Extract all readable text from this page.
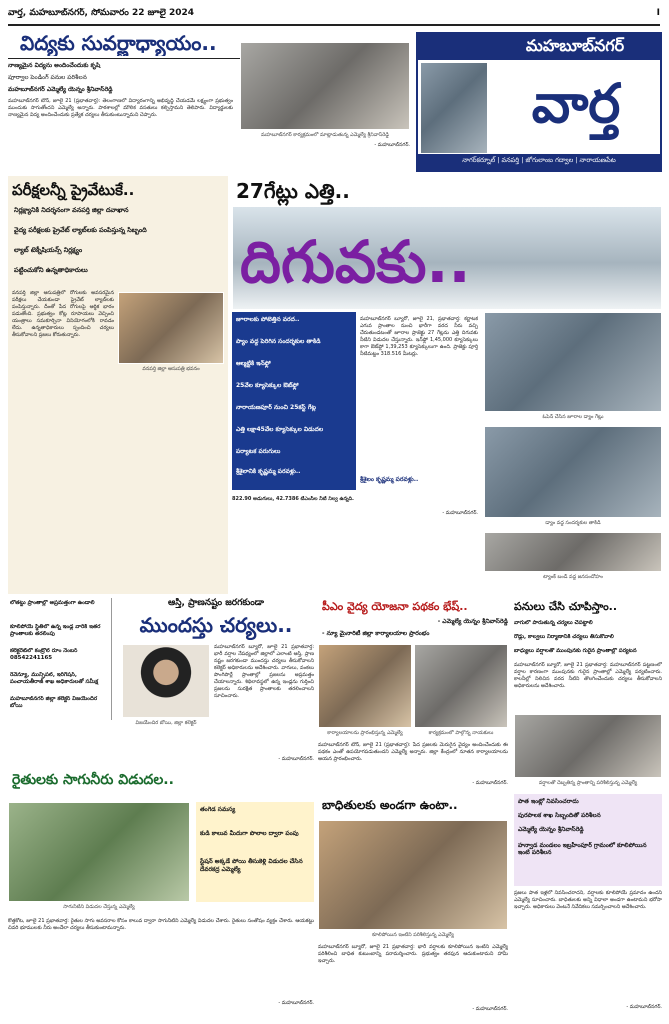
వార్త, మహబూబ్‌నగర్, సోమవారం 22 జూలై 2024	I
విద్యకు సువర్ణాధ్యాయం..
నాణ్యమైన విద్యను అందించేందుకు కృషి
పూర్వాల పెండింగ్ పనుల పరిశీలన
మహబూబ్‌నగర్ ఎమ్మెల్యే యెన్నం శ్రీనివాస్‌రెడ్డి
మహబూబ్‌నగర్ టౌన్, జూలై 21 (ప్రభాతవార్త): తెలంగాణలో విద్యారంగాన్ని అభివృద్ధి చేయడమే లక్ష్యంగా ప్రభుత్వం ముందుకు సాగుతోందని ఎమ్మెల్యే అన్నారు. పాఠశాలల్లో మౌలిక వసతులు కల్పిస్తామని తెలిపారు. విద్యార్థులకు నాణ్యమైన విద్య అందించేందుకు ప్రత్యేక చర్యలు తీసుకుంటున్నామని చెప్పారు.
మహబూబ్‌నగర్ కార్యక్రమంలో మాట్లాడుతున్న ఎమ్మెల్యే శ్రీనివాస్‌రెడ్డి
- మహబూబ్‌నగర్.
మహబూబ్‌నగర్
వార్త
నాగర్‌కర్నూల్ | వనపర్తి | జోగులాంబ గద్వాల | నారాయణపేట
పరీక్షలన్నీ ప్రైవేటుకే..
నిర్లక్ష్యానికి నిదర్శనంగా వనపర్తి జిల్లా దవాఖాన
వైద్య పరీక్షలకు ప్రైవేట్ ల్యాబ్‌లకు పంపిస్తున్న సిబ్బంది
ల్యాబ్ టెక్నీషియన్స్ నిర్లక్ష్యం
పట్టించుకోని ఉన్నతాధికారులు
వనపర్తి జిల్లా ఆసుపత్రి భవనం
వనపర్తి జిల్లా ఆసుపత్రిలో రోగులకు అవసరమైన పరీక్షలు చేయకుండా ప్రైవేట్ ల్యాబ్‌లకు పంపిస్తున్నారు. దీంతో పేద రోగులపై ఆర్థిక భారం పడుతోంది. ప్రభుత్వం కోట్ల రూపాయలు వెచ్చించి యంత్రాలు సమకూర్చినా వినియోగంలోకి రావడం లేదు. ఉన్నతాధికారులు స్పందించి చర్యలు తీసుకోవాలని ప్రజలు కోరుతున్నారు.
27గేట్లు ఎత్తి..
దిగువకు..
జూరాలకు పోటెత్తిన వరద..
ప్యాం వద్ద పెరిగిన సందర్శకుల తాకిడి
ఆల్మట్టికి ఇన్‌ఫ్లో
25వేల క్యూసెక్కుల ఔట్‌ఫ్లో
నారాయణపూర్ నుంచి 25కస్ట్ గేట్ల
ఎత్తి లక్షా45వేల క్యూసెక్కుల విడుదల
పర్యాటక పరుగులు
శ్రీశైలానికి కృష్ణమ్మ పరవళ్లు..
మహబూబ్‌నగర్ బ్యూరో, జూలై 21, ప్రభాతవార్త: కర్ణాటక ఎగువ ప్రాంతాల నుంచి భారీగా వరద నీరు వచ్చి చేరుతుండటంతో జూరాల ప్రాజెక్టు 27 గేట్లను ఎత్తి దిగువకు నీటిని విడుదల చేస్తున్నారు. ఇన్‌ఫ్లో 1,45,000 క్యూసెక్కులు కాగా ఔట్‌ఫ్లో 1,39,253 క్యూసెక్కులుగా ఉంది. ప్రాజెక్టు పూర్తి నీటిమట్టం 318.516 మీటర్లు.
శ్రీశైలం కృష్ణమ్మ పరవళ్లు..
ఓపెన్ చేసిన జూరాల డ్యాం గేట్లు
డ్యాం వద్ద సందర్శకుల తాకిడి
ట్యాంక్ బండ్ వద్ద జనసందోహం
822.90 అడుగులు, 42.7386 టీఎంసీల నీటి నిల్వ ఉన్నది.
- మహబూబ్‌నగర్.
ఆస్తి, ప్రాణనష్టం జరగకుండా
ముందస్తు చర్యలు..
లోతట్టు ప్రాంతాల్లో అప్రమత్తంగా ఉండాలి
కూలిపోయే స్థితిలో ఉన్న ఇండ్ల వారికి ఇతర ప్రాంతాలకు తరలింపు
కలెక్టరేట్‌లో కంట్రోల్ రూం నెంబర్ 08542241165
రెవెన్యూ, మున్సిపల్, ఇరిగేషన్, పంచాయతీరాజ్ శాఖ అధికారులతో సమీక్ష
మహబూబ్‌నగర్ జిల్లా కలెక్టర్ విజయేందిర బోయి
విజయేందిర బోయి, జిల్లా కలెక్టర్
మహబూబ్‌నగర్ బ్యూరో, జూలై 21 ప్రభాతవార్త: భారీ వర్షాల నేపథ్యంలో జిల్లాలో ఎలాంటి ఆస్తి, ప్రాణ నష్టం జరగకుండా ముందస్తు చర్యలు తీసుకోవాలని కలెక్టర్ అధికారులను ఆదేశించారు. వాగులు, వంకలు పొంగిపొర్లే ప్రాంతాల్లో ప్రజలను అప్రమత్తం చేయాలన్నారు. శిథిలావస్థలో ఉన్న ఇండ్లను గుర్తించి ప్రజలను సురక్షిత ప్రాంతాలకు తరలించాలని సూచించారు.
- మహబూబ్‌నగర్.
రైతులకు సాగునీరు విడుదల..
సాగునీటిని విడుదల చేస్తున్న ఎమ్మెల్యే
తంగెడ సమస్య
కుడి కాలువ మీదుగా పొలాల ద్వారా పంపు
స్టేషన్ అక్కడే పోయి తీసుకెళ్లి విడుదల చేసిన దేవరకద్ర ఎమ్మెల్యే
కొత్తకోట, జూలై 21 ప్రభాతవార్త: రైతుల సాగు అవసరాల కోసం కాలువ ద్వారా సాగునీటిని ఎమ్మెల్యే విడుదల చేశారు. రైతులు సంతోషం వ్యక్తం చేశారు. ఆయకట్టు చివరి భూములకు నీరు అందేలా చర్యలు తీసుకుంటామన్నారు.
- మహబూబ్‌నగర్.
పీఎం వైద్య యోజనా పథకం భేష్..
- ఎమ్మెల్యే యెన్నం శ్రీనివాస్‌రెడ్డి
- న్యూ మైనారిటీ జిల్లా కార్యాలయాల ప్రారంభం
కార్యాలయాలను ప్రారంభిస్తున్న ఎమ్మెల్యే	కార్యక్రమంలో పాల్గొన్న నాయకులు
మహబూబ్‌నగర్ టౌన్, జూలై 21 (ప్రభాతవార్త): పేద ప్రజలకు మెరుగైన వైద్యం అందించేందుకు ఈ పథకం ఎంతో ఉపయోగపడుతుందని ఎమ్మెల్యే అన్నారు. జిల్లా కేంద్రంలో నూతన కార్యాలయాలను ఆయన ప్రారంభించారు.
- మహబూబ్‌నగర్.
పనులు చేసి చూపిస్తాం..
వాగులో పారుతున్న చర్యలు చేపట్టాలి
రోడ్లు, కాల్వలు నిర్మాణానికి చర్యలు తీసుకోవాలి
బాధ్యులు వర్షాలతో ముంపునకు గురైన ప్రాంతాల్లో పర్యటన
మహబూబ్‌నగర్ బ్యూరో, జూలై 21 ప్రభాతవార్త: మహబూబ్‌నగర్ పట్టణంలో వర్షాల కారణంగా ముంపునకు గురైన ప్రాంతాల్లో ఎమ్మెల్యే పర్యటించారు. కాలనీల్లో నిలిచిన వరద నీటిని తొలగించేందుకు చర్యలు తీసుకోవాలని అధికారులను ఆదేశించారు.
వర్షాలతో దెబ్బతిన్న ప్రాంతాన్ని పరిశీలిస్తున్న ఎమ్మెల్యే
బాధితులకు అండగా ఉంటా..
కూలిపోయిన ఇంటిని పరిశీలిస్తున్న ఎమ్మెల్యే
మహబూబ్‌నగర్ బ్యూరో, జూలై 21 ప్రభాతవార్త: భారీ వర్షాలకు కూలిపోయిన ఇంటిని ఎమ్మెల్యే పరిశీలించి బాధిత కుటుంబాన్ని పరామర్శించారు. ప్రభుత్వం తరఫున ఆదుకుంటామని హామీ ఇచ్చారు.
- మహబూబ్‌నగర్.
పాత ఇంట్లో నివసించరాదు
పురపాలక శాఖ సిబ్బందితో పరిశీలన
ఎమ్మెల్యే యెన్నం శ్రీనివాస్‌రెడ్డి
హన్వాడ మండలం ఇబ్రహీంపూర్ గ్రామంలో కూలిపోయిన ఇంటి పరిశీలన
ప్రజలు పాత ఇళ్లలో నివసించరాదని, వర్షాలకు కూలిపోయే ప్రమాదం ఉందని ఎమ్మెల్యే సూచించారు. బాధితులకు అన్ని విధాలా అండగా ఉంటామని భరోసా ఇచ్చారు. అధికారులు వెంటనే నివేదికలు సమర్పించాలని ఆదేశించారు.
- మహబూబ్‌నగర్.
